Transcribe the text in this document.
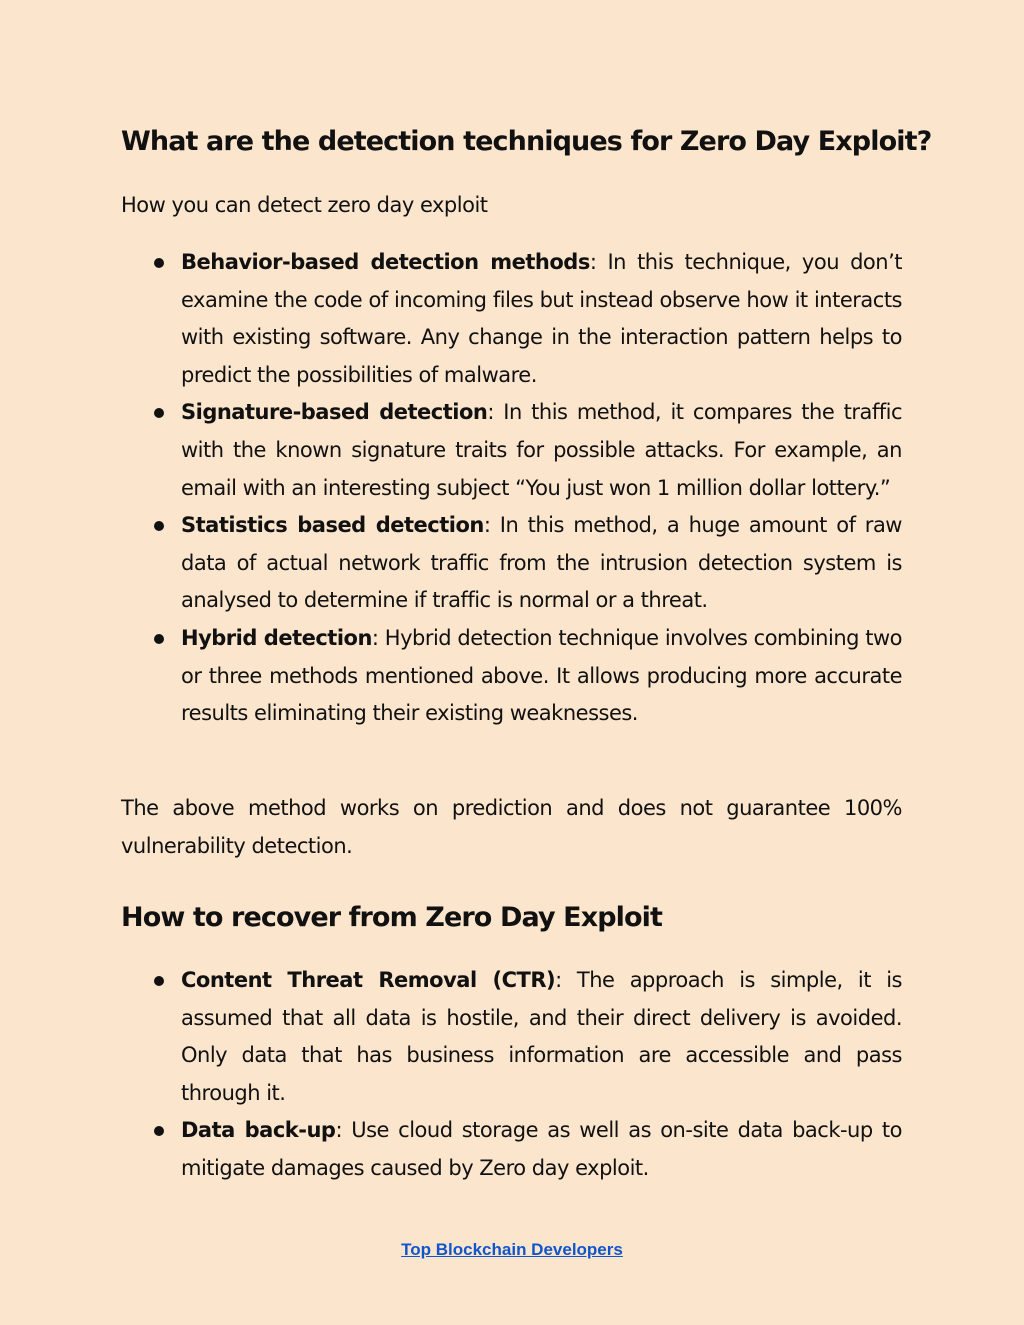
What are the detection techniques for Zero Day Exploit?

How you can detect zero day exploit

Behavior-based detection methods: In this technique, you don’t examine the code of incoming files but instead observe how it interacts with existing software. Any change in the interaction pattern helps to predict the possibilities of malware.
Signature-based detection: In this method, it compares the traffic with the known signature traits for possible attacks. For example, an email with an interesting subject “You just won 1 million dollar lottery.”
Statistics based detection: In this method, a huge amount of raw data of actual network traffic from the intrusion detection system is analysed to determine if traffic is normal or a threat.
Hybrid detection: Hybrid detection technique involves combining two or three methods mentioned above. It allows producing more accurate results eliminating their existing weaknesses.

The above method works on prediction and does not guarantee 100% vulnerability detection.

How to recover from Zero Day Exploit
Content Threat Removal (CTR): The approach is simple, it is assumed that all data is hostile, and their direct delivery is avoided. Only data that has business information are accessible and pass through it.
Data back-up: Use cloud storage as well as on-site data back-up to mitigate damages caused by Zero day exploit.
Top Blockchain Developers
